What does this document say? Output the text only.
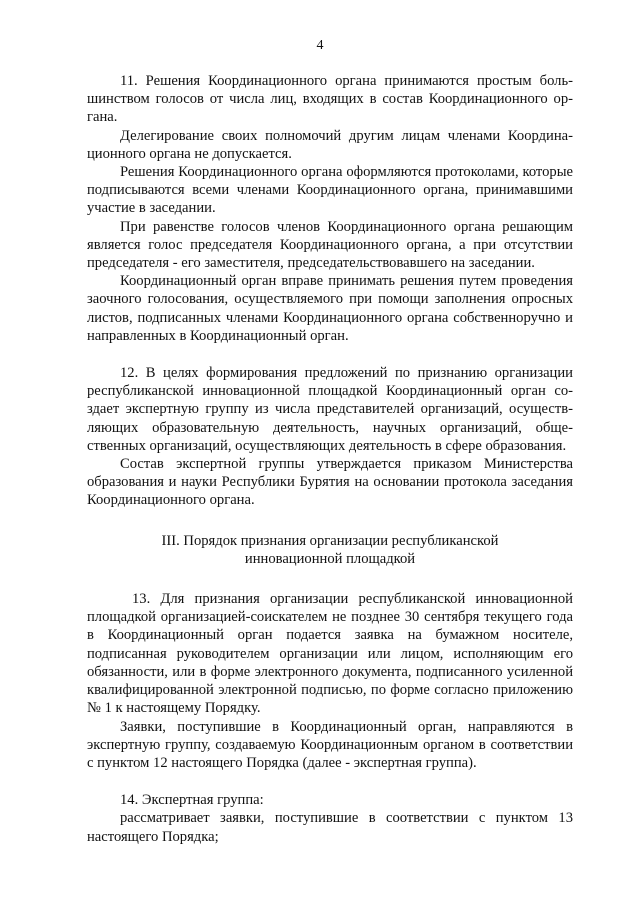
4

11. Решения Координационного органа принимаются простым большинством голосов от числа лиц, входящих в состав Координационного органа.

Делегирование своих полномочий другим лицам членами Координационного органа не допускается.

Решения Координационного органа оформляются протоколами, которые подписываются всеми членами Координационного органа, принимавшими участие в заседании.

При равенстве голосов членов Координационного органа решающим является голос председателя Координационного органа, а при отсутствии председателя - его заместителя, председательствовавшего на заседании.

Координационный орган вправе принимать решения путем проведения заочного голосования, осуществляемого при помощи заполнения опросных листов, подписанных членами Координационного органа собственноручно и направленных в Координационный орган.

12. В целях формирования предложений по признанию организации республиканской инновационной площадкой Координационный орган создает экспертную группу из числа представителей организаций, осуществляющих образовательную деятельность, научных организаций, общественных организаций, осуществляющих деятельность в сфере образования.

Состав экспертной группы утверждается приказом Министерства образования и науки Республики Бурятия на основании протокола заседания Координационного органа.

III. Порядок признания организации республиканской
инновационной площадкой

13. Для признания организации республиканской инновационной площадкой организацией-соискателем не позднее 30 сентября текущего года в Координационный орган подается заявка на бумажном носителе, подписанная руководителем организации или лицом, исполняющим его обязанности, или в форме электронного документа, подписанного усиленной квалифицированной электронной подписью, по форме согласно приложению № 1 к настоящему Порядку.

Заявки, поступившие в Координационный орган, направляются в экспертную группу, создаваемую Координационным органом в соответствии с пунктом 12 настоящего Порядка (далее - экспертная группа).

14. Экспертная группа:

рассматривает заявки, поступившие в соответствии с пунктом 13 настоящего Порядка;
